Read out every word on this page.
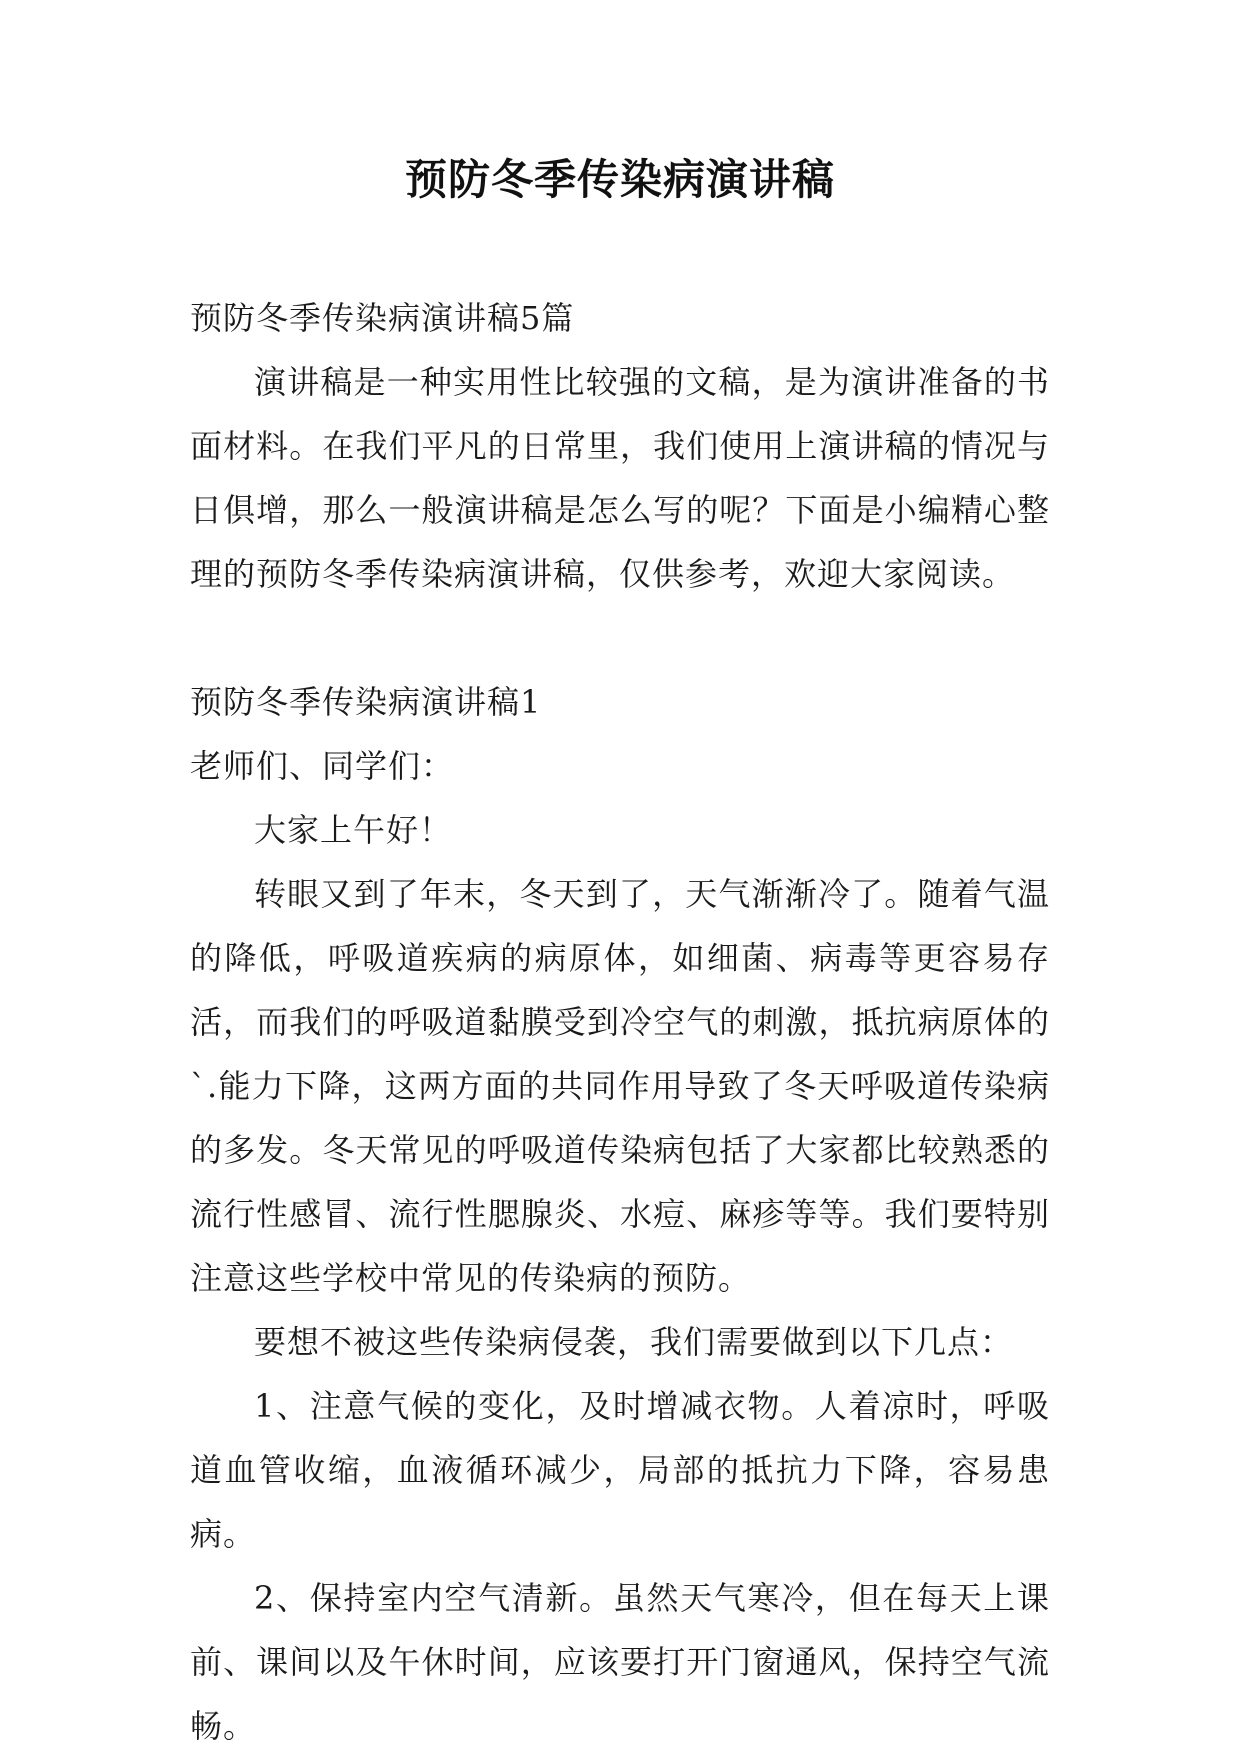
预防冬季传染病演讲稿

预防冬季传染病演讲稿5篇

演讲稿是一种实用性比较强的文稿，是为演讲准备的书面材料。在我们平凡的日常里，我们使用上演讲稿的情况与日俱增，那么一般演讲稿是怎么写的呢？下面是小编精心整理的预防冬季传染病演讲稿，仅供参考，欢迎大家阅读。

预防冬季传染病演讲稿1

老师们、同学们：

大家上午好！

转眼又到了年末，冬天到了，天气渐渐冷了。随着气温的降低，呼吸道疾病的病原体，如细菌、病毒等更容易存活，而我们的呼吸道黏膜受到冷空气的刺激，抵抗病原体的`.能力下降，这两方面的共同作用导致了冬天呼吸道传染病的多发。冬天常见的呼吸道传染病包括了大家都比较熟悉的流行性感冒、流行性腮腺炎、水痘、麻疹等等。我们要特别注意这些学校中常见的传染病的预防。

要想不被这些传染病侵袭，我们需要做到以下几点：

1、注意气候的变化，及时增减衣物。人着凉时，呼吸道血管收缩，血液循环减少，局部的抵抗力下降，容易患病。

2、保持室内空气清新。虽然天气寒冷，但在每天上课前、课间以及午休时间，应该要打开门窗通风，保持空气流畅。
